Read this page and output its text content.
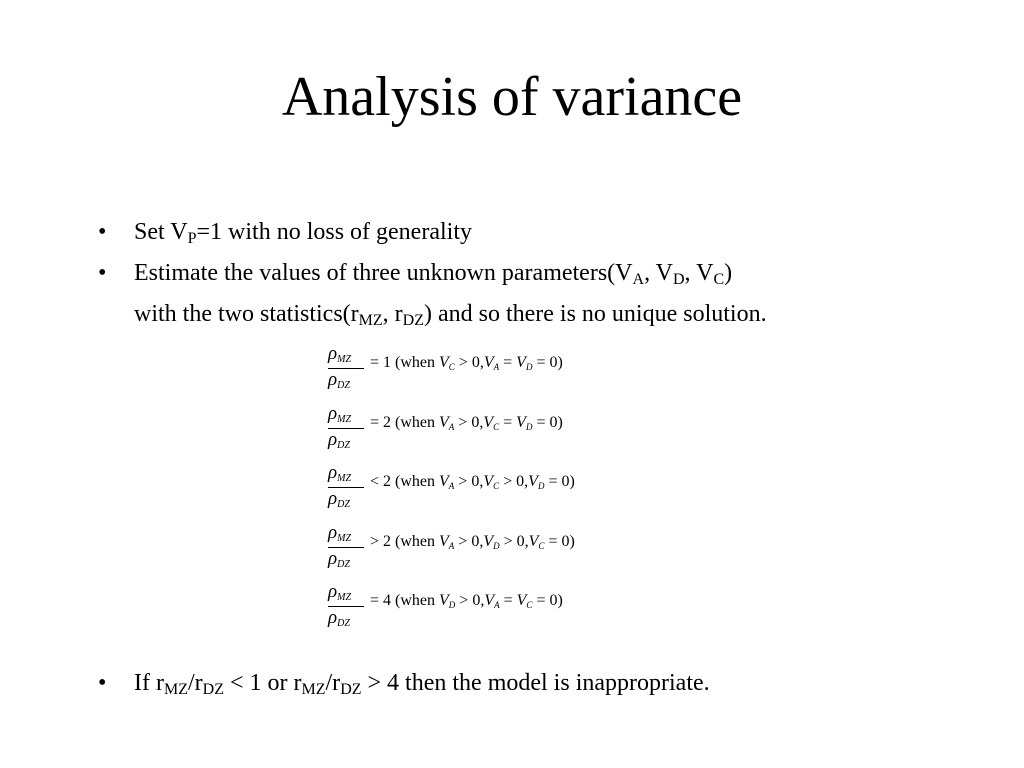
Analysis of variance
• Set $V_P=1$ with no loss of generality
• Estimate the values of three unknown $parameters(V_A$, $V_D$, $V_C$)
with the two $statistics(r_{MZ}$, $r_{DZ}$) and so there is no unique solution.
ρMZ
ρDZ
= 1 (when VC > 0,VA = VD = 0)
ρMZ
ρDZ
= 2 (when VA > 0,VC = VD = 0)
ρMZ
ρDZ
< 2 (when VA > 0,VC > 0,VD = 0)
ρMZ
ρDZ
> 2 (when VA > 0,VD > 0,VC = 0)
ρMZ
ρDZ
= 4 (when VD > 0,VA = VC = 0)
• If $r_{MZ}/r_{DZ} < 1$ or $r_{MZ}/r_{DZ} > 4$ then the model is inappropriate.
